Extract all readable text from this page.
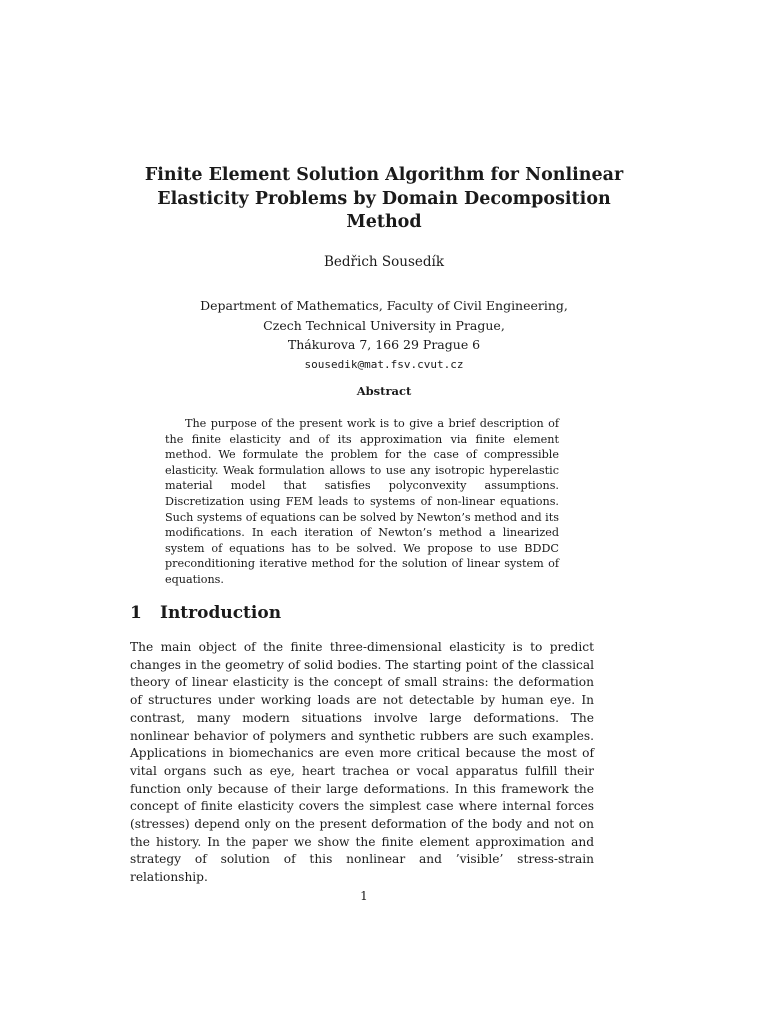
Finite Element Solution Algorithm for Nonlinear Elasticity Problems by Domain Decomposition Method
Bedřich Sousedík
Department of Mathematics, Faculty of Civil Engineering,
Czech Technical University in Prague,
Thákurova 7, 166 29 Prague 6
sousedik@mat.fsv.cvut.cz
Abstract
The purpose of the present work is to give a brief description of the finite elasticity and of its approximation via finite element method. We formulate the problem for the case of compressible elasticity. Weak formulation allows to use any isotropic hyperelastic material model that satisfies polyconvexity assumptions. Discretization using FEM leads to systems of non-linear equations. Such systems of equations can be solved by Newton’s method and its modifications. In each iteration of Newton’s method a linearized system of equations has to be solved. We propose to use BDDC preconditioning iterative method for the solution of linear system of equations.
1 Introduction
The main object of the finite three-dimensional elasticity is to predict changes in the geometry of solid bodies. The starting point of the classical theory of linear elasticity is the concept of small strains: the deformation of structures under working loads are not detectable by human eye. In contrast, many modern situations involve large deformations. The nonlinear behavior of polymers and synthetic rubbers are such examples. Applications in biomechanics are even more critical because the most of vital organs such as eye, heart trachea or vocal apparatus fulfill their function only because of their large deformations. In this framework the concept of finite elasticity covers the simplest case where internal forces (stresses) depend only on the present deformation of the body and not on the history. In the paper we show the finite element approximation and strategy of solution of this nonlinear and ’visible’ stress-strain relationship.
1
